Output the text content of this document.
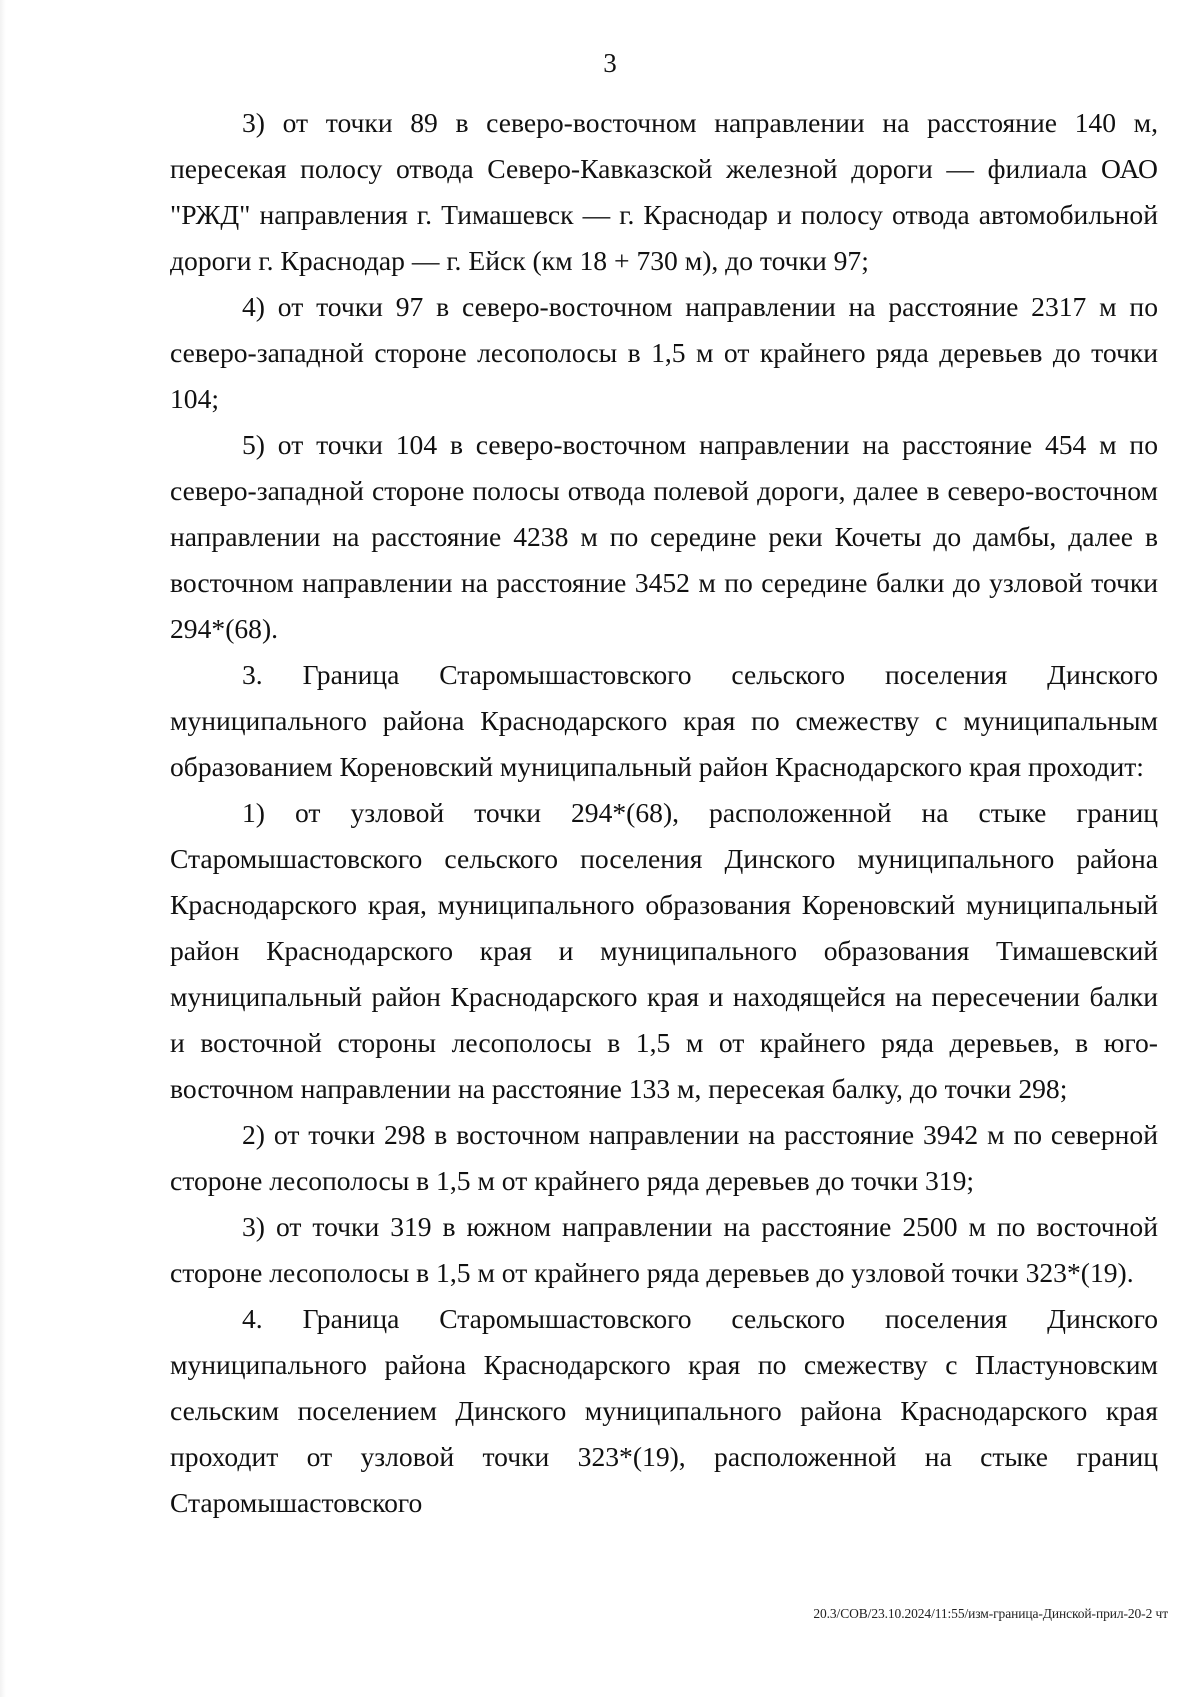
3

3) от точки 89 в северо-восточном направлении на расстояние 140 м, пересекая полосу отвода Северо-Кавказской железной дороги — филиала ОАО "РЖД" направления г. Тимашевск — г. Краснодар и полосу отвода автомобильной дороги г. Краснодар — г. Ейск (км 18 + 730 м), до точки 97;

4) от точки 97 в северо-восточном направлении на расстояние 2317 м по северо-западной стороне лесополосы в 1,5 м от крайнего ряда деревьев до точки 104;

5) от точки 104 в северо-восточном направлении на расстояние 454 м по северо-западной стороне полосы отвода полевой дороги, далее в северо-восточном направлении на расстояние 4238 м по середине реки Кочеты до дамбы, далее в восточном направлении на расстояние 3452 м по середине балки до узловой точки 294*(68).

3. Граница Старомышастовского сельского поселения Динского муниципального района Краснодарского края по смежеству с муниципальным образованием Кореновский муниципальный район Краснодарского края проходит:

1) от узловой точки 294*(68), расположенной на стыке границ Старомышастовского сельского поселения Динского муниципального района Краснодарского края, муниципального образования Кореновский муниципальный район Краснодарского края и муниципального образования Тимашевский муниципальный район Краснодарского края и находящейся на пересечении балки и восточной стороны лесополосы в 1,5 м от крайнего ряда деревьев, в юго-восточном направлении на расстояние 133 м, пересекая балку, до точки 298;

2) от точки 298 в восточном направлении на расстояние 3942 м по северной стороне лесополосы в 1,5 м от крайнего ряда деревьев до точки 319;

3) от точки 319 в южном направлении на расстояние 2500 м по восточной стороне лесополосы в 1,5 м от крайнего ряда деревьев до узловой точки 323*(19).

4. Граница Старомышастовского сельского поселения Динского муниципального района Краснодарского края по смежеству с Пластуновским сельским поселением Динского муниципального района Краснодарского края проходит от узловой точки 323*(19), расположенной на стыке границ Старомышастовского

20.3/СОВ/23.10.2024/11:55/изм-граница-Динской-прил-20-2 чт
